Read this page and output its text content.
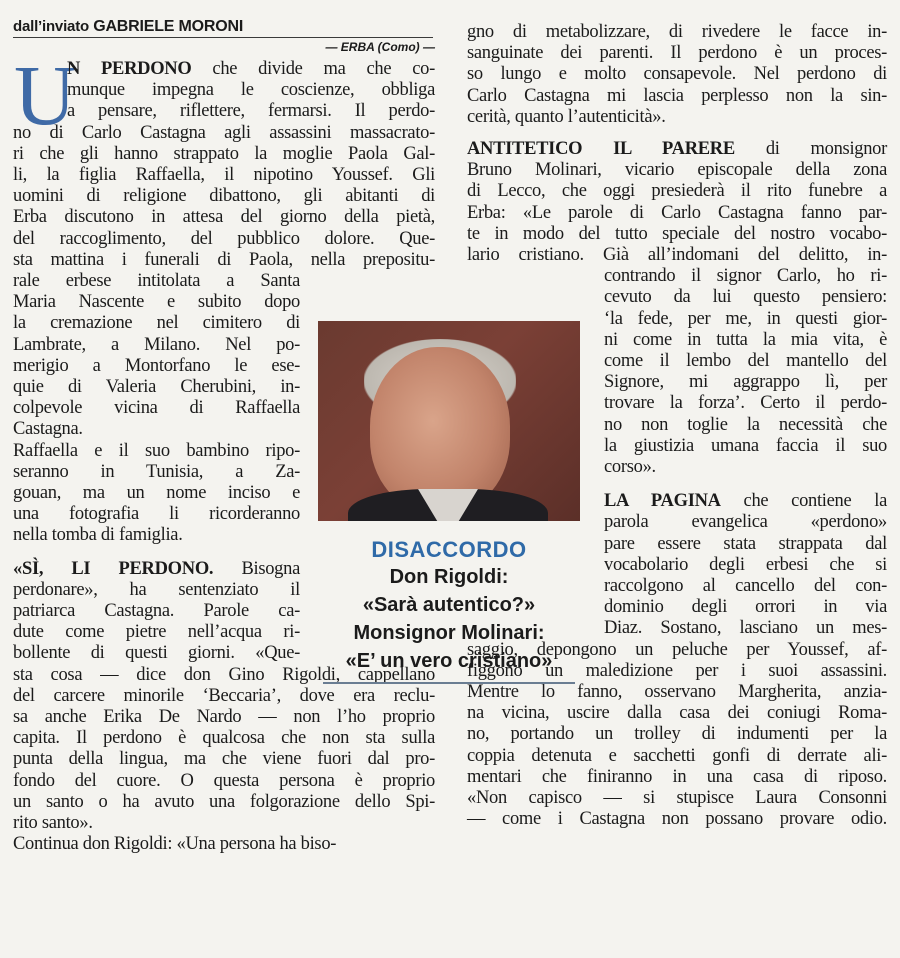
dall’inviato GABRIELE MORONI
— ERBA (Como) —
U
N PERDONO che divide ma che co-
munque impegna le coscienze, obbliga
a pensare, riflettere, fermarsi. Il perdo-
no di Carlo Castagna agli assassini massacrato-
ri che gli hanno strappato la moglie Paola Gal-
li, la figlia Raffaella, il nipotino Youssef. Gli
uomini di religione dibattono, gli abitanti di
Erba discutono in attesa del giorno della pietà,
del raccoglimento, del pubblico dolore. Que-
sta mattina i funerali di Paola, nella prepositu-
rale erbese intitolata a Santa
Maria Nascente e subito dopo
la cremazione nel cimitero di
Lambrate, a Milano. Nel po-
merigio a Montorfano le ese-
quie di Valeria Cherubini, in-
colpevole vicina di Raffaella
Castagna.
Raffaella e il suo bambino ripo-
seranno in Tunisia, a Za-
gouan, ma un nome inciso e
una fotografia li ricorderanno
nella tomba di famiglia.
«SÌ, LI PERDONO. Bisogna
perdonare», ha sentenziato il
patriarca Castagna. Parole ca-
dute come pietre nell’acqua ri-
bollente di questi giorni. «Que-
sta cosa — dice don Gino Rigoldi, cappellano
del carcere minorile ‘Beccaria’, dove era reclu-
sa anche Erika De Nardo — non l’ho proprio
capita. Il perdono è qualcosa che non sta sulla
punta della lingua, ma che viene fuori dal pro-
fondo del cuore. O questa persona è proprio
un santo o ha avuto una folgorazione dello Spi-
rito santo».
Continua don Rigoldi: «Una persona ha biso-
gno di metabolizzare, di rivedere le facce in-
sanguinate dei parenti. Il perdono è un proces-
so lungo e molto consapevole. Nel perdono di
Carlo Castagna mi lascia perplesso non la sin-
cerità, quanto l’autenticità».
ANTITETICO IL PARERE di monsignor
Bruno Molinari, vicario episcopale della zona
di Lecco, che oggi presiederà il rito funebre a
Erba: «Le parole di Carlo Castagna fanno par-
te in modo del tutto speciale del nostro vocabo-
lario cristiano. Già all’indomani del delitto, in-
contrando il signor Carlo, ho ri-
cevuto da lui questo pensiero:
‘la fede, per me, in questi gior-
ni come in tutta la mia vita, è
come il lembo del mantello del
Signore, mi aggrappo lì, per
trovare la forza’. Certo il perdo-
no non toglie la necessità che
la giustizia umana faccia il suo
corso».
LA PAGINA che contiene la
parola evangelica «perdono»
pare essere stata strappata dal
vocabolario degli erbesi che si
raccolgono al cancello del con-
dominio degli orrori in via
Diaz. Sostano, lasciano un mes-
saggio, depongono un peluche per Youssef, af-
figgono un maledizione per i suoi assassini.
Mentre lo fanno, osservano Margherita, anzia-
na vicina, uscire dalla casa dei coniugi Roma-
no, portando un trolley di indumenti per la
coppia detenuta e sacchetti gonfi di derrate ali-
mentari che finiranno in una casa di riposo.
«Non capisco — si stupisce Laura Consonni
— come i Castagna non possano provare odio.
DISACCORDO
Don Rigoldi:
«Sarà autentico?»
Monsignor Molinari:
«E’ un vero cristiano»
